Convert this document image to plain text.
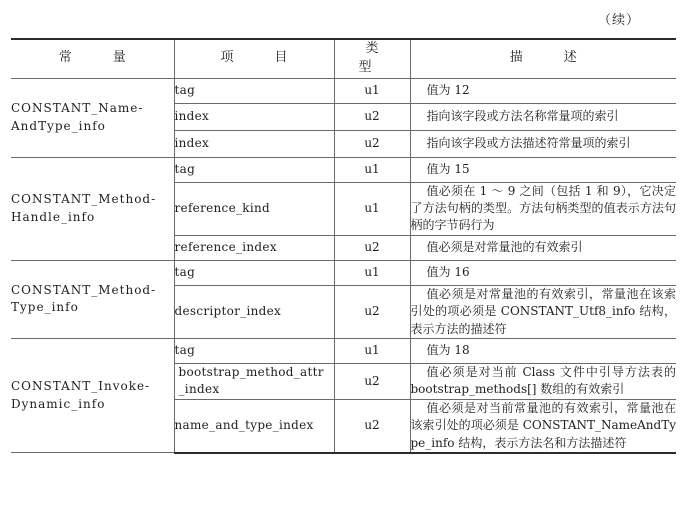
（续）
常　量	项　目	类　型	描　述
CONSTANT_Name-AndType_info	tag	u1	值为 12
	index	u2	指向该字段或方法名称常量项的索引
	index	u2	指向该字段或方法描述符常量项的索引
CONSTANT_Method-Handle_info	tag	u1	值为 15
	reference_kind	u1	值必须在 1 ～ 9 之间（包括 1 和 9），它决定了方法句柄的类型。方法句柄类型的值表示方法句柄的字节码行为
	reference_index	u2	值必须是对常量池的有效索引
CONSTANT_Method-Type_info	tag	u1	值为 16
	descriptor_index	u2	值必须是对常量池的有效索引，常量池在该索引处的项必须是 CONSTANT_Utf8_info 结构，表示方法的描述符
CONSTANT_Invoke-Dynamic_info	tag	u1	值为 18
	bootstrap_method_attr_index	u2	值必须是对当前 Class 文件中引导方法表的 bootstrap_methods[] 数组的有效索引
	name_and_type_index	u2	值必须是对当前常量池的有效索引，常量池在该索引处的项必须是 CONSTANT_NameAndType_info 结构，表示方法名和方法描述符
